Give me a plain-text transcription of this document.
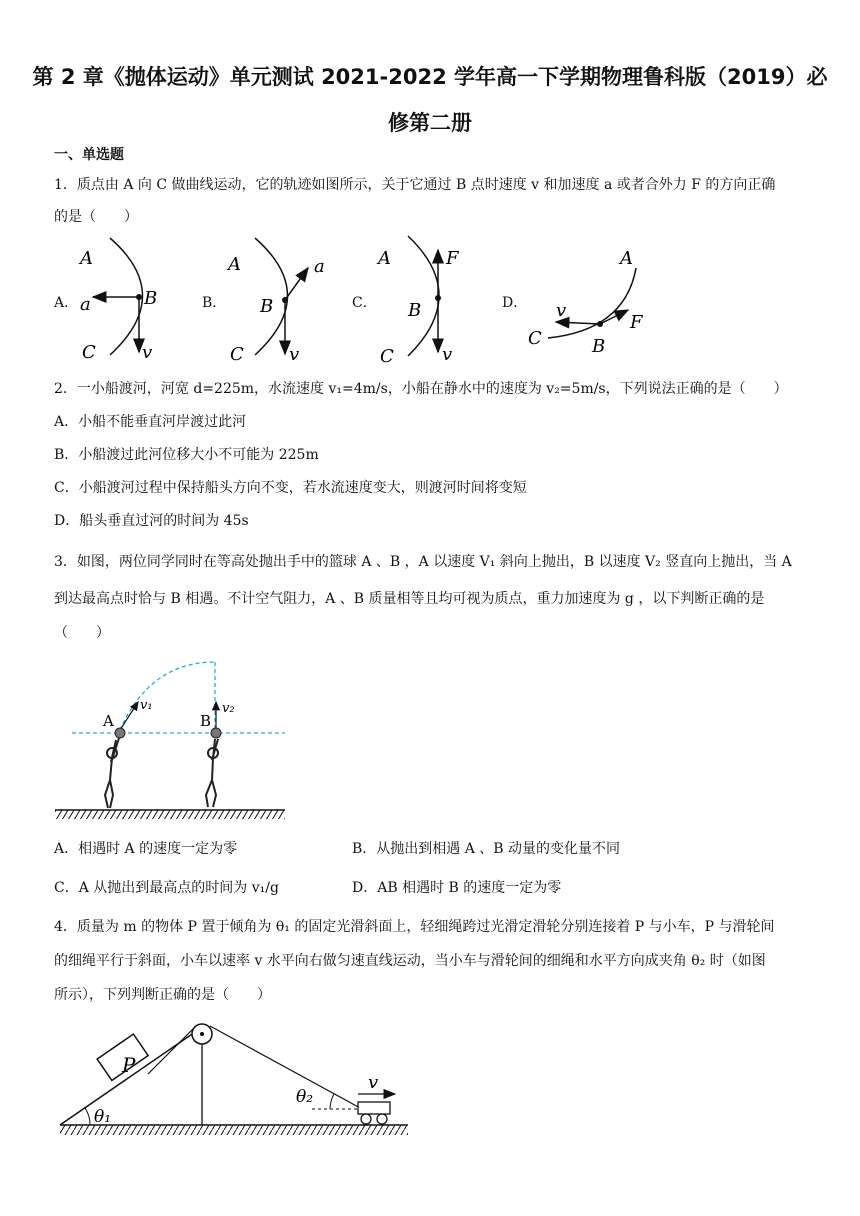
第 2 章《抛体运动》单元测试 2021-2022 学年高一下学期物理鲁科版（2019）必
修第二册
一、单选题
1．质点由 A 向 C 做曲线运动，它的轨迹如图所示，关于它通过 B 点时速度 v 和加速度 a 或者合外力 F 的方向正确
的是（　　）
A．	B．	C．	D．
A
B
C
a
v
A
B
C
a
v
A	F
B
C	v
A
v
F
C	B
2．一小船渡河，河宽 d=225m，水流速度 v₁=4m/s，小船在静水中的速度为 v₂=5m/s，下列说法正确的是（　　）
A．小船不能垂直河岸渡过此河
B．小船渡过此河位移大小不可能为 225m
C．小船渡河过程中保持船头方向不变，若水流速度变大，则渡河时间将变短
D．船头垂直过河的时间为 45s
3．如图，两位同学同时在等高处抛出手中的篮球 A 、B ，A 以速度 V₁ 斜向上抛出，B 以速度 V₂ 竖直向上抛出，当 A
到达最高点时恰与 B 相遇。不计空气阻力，A 、B 质量相等且均可视为质点，重力加速度为 g ，以下判断正确的是
（　　）
A
v₁
B
v₂
A．相遇时 A 的速度一定为零	B．从抛出到相遇 A 、B 动量的变化量不同
C．A 从抛出到最高点的时间为 v₁/g	D．AB 相遇时 B 的速度一定为零
4．质量为 m 的物体 P 置于倾角为 θ₁ 的固定光滑斜面上，轻细绳跨过光滑定滑轮分别连接着 P 与小车，P 与滑轮间
的细绳平行于斜面，小车以速率 v 水平向右做匀速直线运动，当小车与滑轮间的细绳和水平方向成夹角 θ₂ 时（如图
所示），下列判断正确的是（　　）
P
θ₁
θ₂
v
